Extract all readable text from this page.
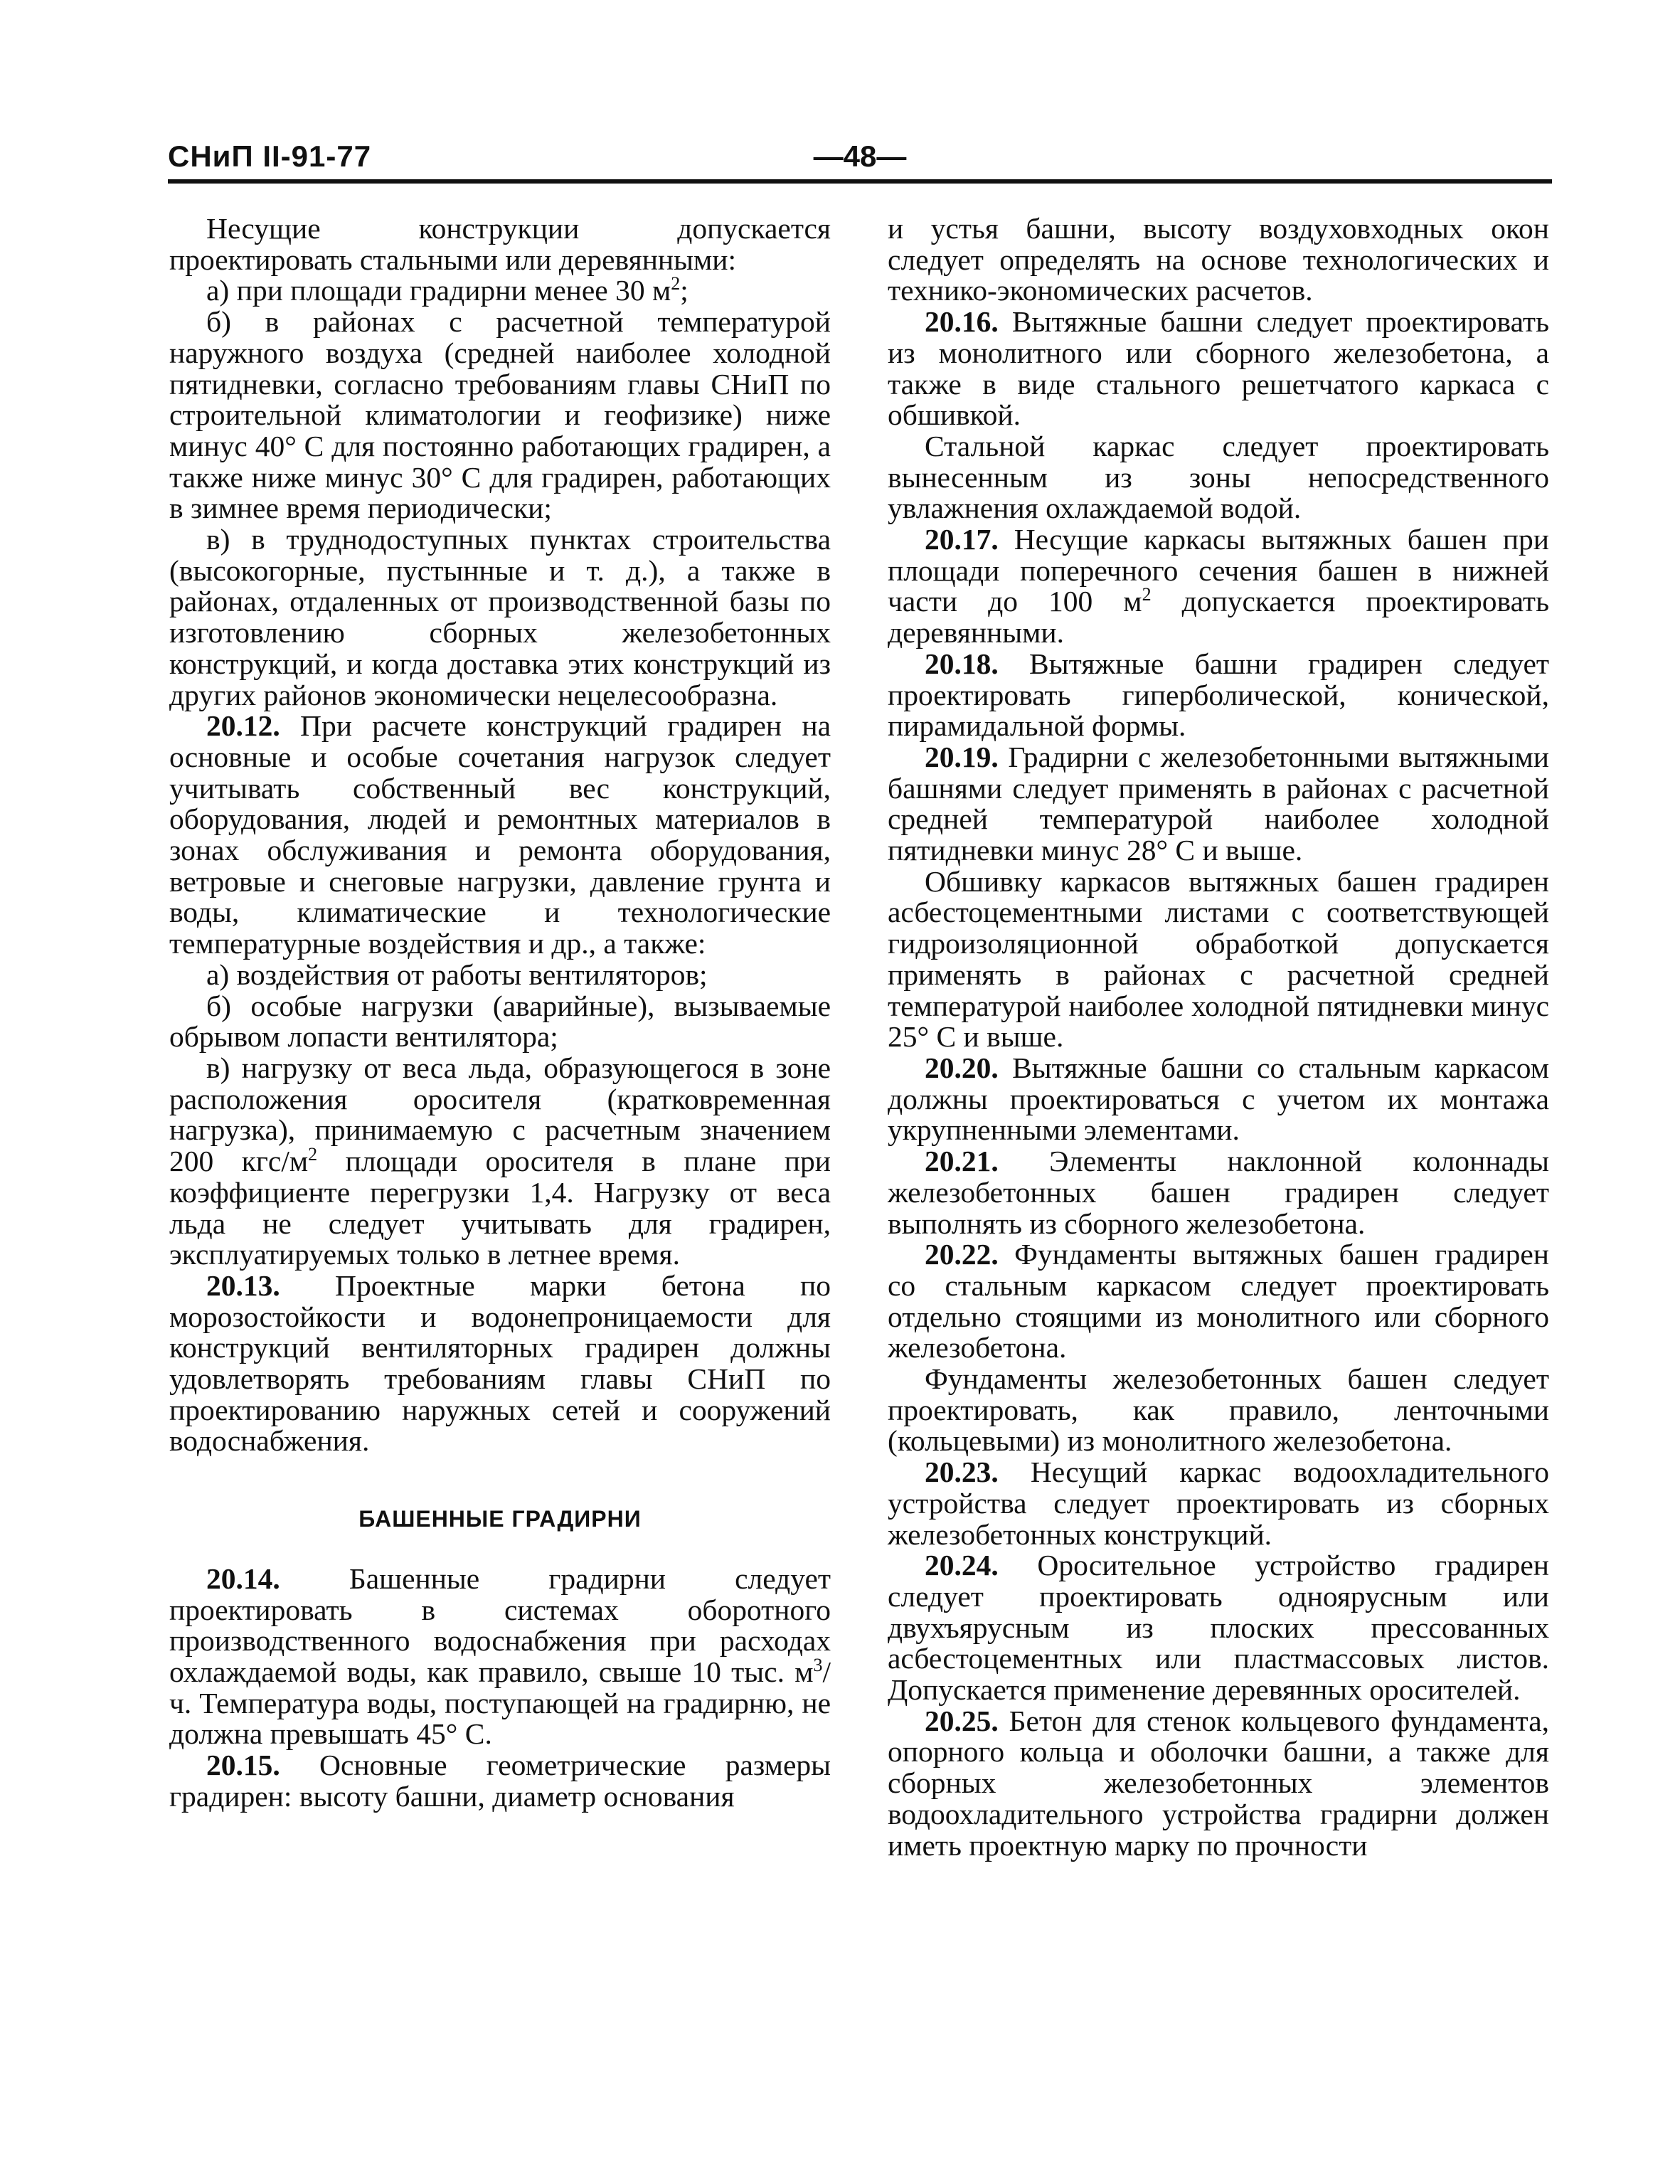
СНиП II-91-77	—48—

Несущие конструкции допускается проектировать стальными или деревянными:

а) при площади градирни менее 30 $м^2$;

б) в районах с расчетной температурой наружного воздуха (средней наиболее холодной пятидневки, согласно требованиям главы СНиП по строительной климатологии и геофизике) ниже минус 40° С для постоянно работающих градирен, а также ниже минус 30° С для градирен, работающих в зимнее время периодически;

в) в труднодоступных пунктах строительства (высокогорные, пустынные и т. д.), а также в районах, отдаленных от производственной базы по изготовлению сборных железобетонных конструкций, и когда доставка этих конструкций из других районов экономически нецелесообразна.

20.12. При расчете конструкций градирен на основные и особые сочетания нагрузок следует учитывать собственный вес конструкций, оборудования, людей и ремонтных материалов в зонах обслуживания и ремонта оборудования, ветровые и снеговые нагрузки, давление грунта и воды, климатические и технологические температурные воздействия и др., а также:

а) воздействия от работы вентиляторов;

б) особые нагрузки (аварийные), вызываемые обрывом лопасти вентилятора;

в) нагрузку от веса льда, образующегося в зоне расположения оросителя (кратковременная нагрузка), принимаемую с расчетным значением 200 кгс/$м^2$ площади оросителя в плане при коэффициенте перегрузки 1,4. Нагрузку от веса льда не следует учитывать для градирен, эксплуатируемых только в летнее время.

20.13. Проектные марки бетона по морозостойкости и водонепроницаемости для конструкций вентиляторных градирен должны удовлетворять требованиям главы СНиП по проектированию наружных сетей и сооружений водоснабжения.

БАШЕННЫЕ ГРАДИРНИ

20.14. Башенные градирни следует проектировать в системах оборотного производственного водоснабжения при расходах охлаждаемой воды, как правило, свыше 10 тыс. $м^3/ч$. Температура воды, поступающей на градирню, не должна превышать 45° С.

20.15. Основные геометрические размеры градирен: высоту башни, диаметр основания

и устья башни, высоту воздуховходных окон следует определять на основе технологических и технико-экономических расчетов.

20.16. Вытяжные башни следует проектировать из монолитного или сборного железобетона, а также в виде стального решетчатого каркаса с обшивкой.

Стальной каркас следует проектировать вынесенным из зоны непосредственного увлажнения охлаждаемой водой.

20.17. Несущие каркасы вытяжных башен при площади поперечного сечения башен в нижней части до 100 $м^2$ допускается проектировать деревянными.

20.18. Вытяжные башни градирен следует проектировать гиперболической, конической, пирамидальной формы.

20.19. Градирни с железобетонными вытяжными башнями следует применять в районах с расчетной средней температурой наиболее холодной пятидневки минус 28° С и выше.

Обшивку каркасов вытяжных башен градирен асбестоцементными листами с соответствующей гидроизоляционной обработкой допускается применять в районах с расчетной средней температурой наиболее холодной пятидневки минус 25° С и выше.

20.20. Вытяжные башни со стальным каркасом должны проектироваться с учетом их монтажа укрупненными элементами.

20.21. Элементы наклонной колоннады железобетонных башен градирен следует выполнять из сборного железобетона.

20.22. Фундаменты вытяжных башен градирен со стальным каркасом следует проектировать отдельно стоящими из монолитного или сборного железобетона.

Фундаменты железобетонных башен следует проектировать, как правило, ленточными (кольцевыми) из монолитного железобетона.

20.23. Несущий каркас водоохладительного устройства следует проектировать из сборных железобетонных конструкций.

20.24. Оросительное устройство градирен следует проектировать одноярусным или двухъярусным из плоских прессованных асбестоцементных или пластмассовых листов. Допускается применение деревянных оросителей.

20.25. Бетон для стенок кольцевого фундамента, опорного кольца и оболочки башни, а также для сборных железобетонных элементов водоохладительного устройства градирни должен иметь проектную марку по прочности
